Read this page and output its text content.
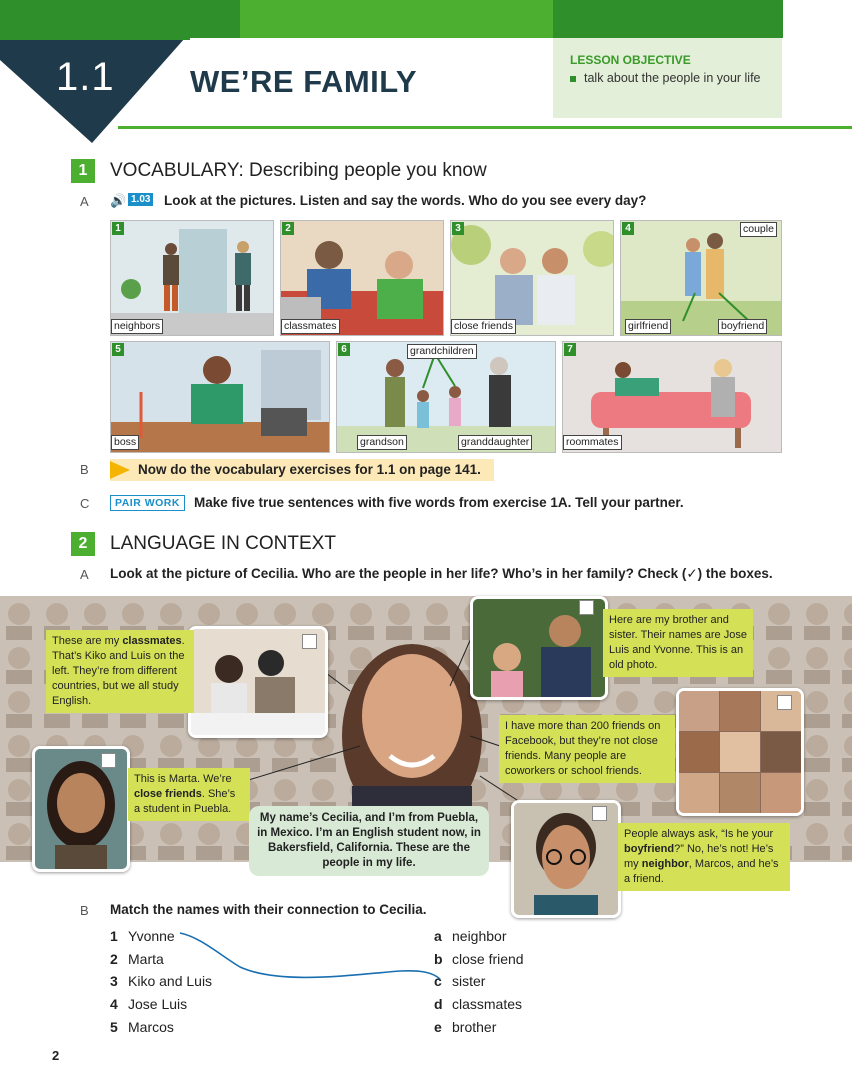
1.1 WE’RE FAMILY
LESSON OBJECTIVE
talk about the people in your life
1	VOCABULARY: Describing people you know
A 🔊 1.03 Look at the pictures. Listen and say the words. Who do you see every day?
1
neighbors
2
classmates
3
close friends
4	couple
girlfriend	boyfriend
5
boss
6	grandchildren
grandson	granddaughter
7
roommates
B	Now do the vocabulary exercises for 1.1 on page 141.
C	PAIR WORK	Make five true sentences with five words from exercise 1A. Tell your partner.
2	LANGUAGE IN CONTEXT
A Look at the picture of Cecilia. Who are the people in her life? Who’s in her family? Check (✓) the boxes.
These are my classmates. That’s Kiko and Luis on the left. They’re from different countries, but we all study English.
Here are my brother and sister. Their names are Jose Luis and Yvonne. This is an old photo.
I have more than 200 friends on Facebook, but they’re not close friends. Many people are coworkers or school friends.
This is Marta. We’re close friends. She’s a student in Puebla.
My name’s Cecilia, and I’m from Puebla, in Mexico. I’m an English student now, in Bakersfield, California. These are the people in my life.
People always ask, “Is he your boyfriend?” No, he’s not! He’s my neighbor, Marcos, and he’s a friend.
B Match the names with their connection to Cecilia.
1 Yvonne
2 Marta
3 Kiko and Luis
4 Jose Luis
5 Marcos
a neighbor
b close friend
c sister
d classmates
e brother
2
